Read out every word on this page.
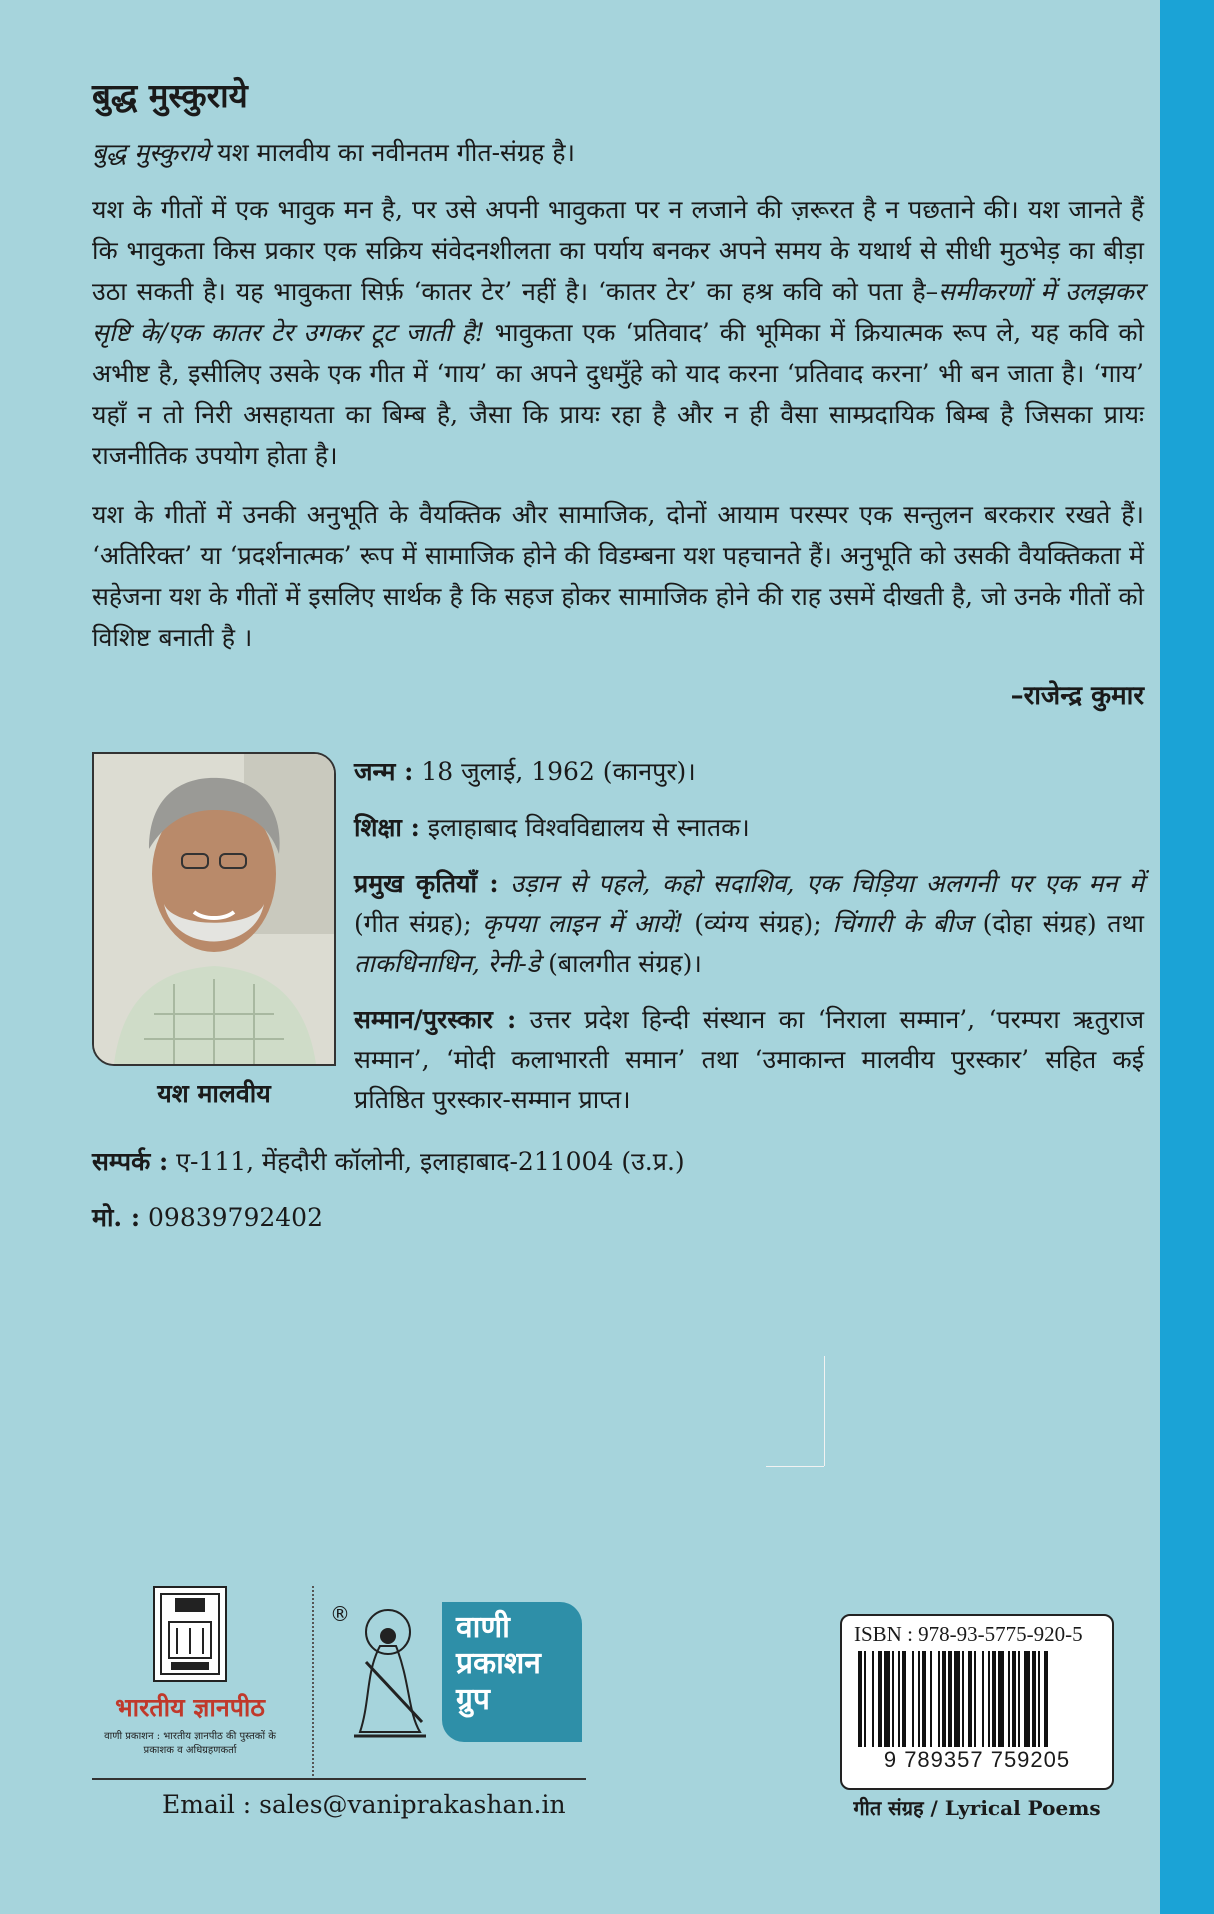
बुद्ध मुस्कुराये

बुद्ध मुस्कुराये यश मालवीय का नवीनतम गीत-संग्रह है।

यश के गीतों में एक भावुक मन है, पर उसे अपनी भावुकता पर न लजाने की ज़रूरत है न पछताने की। यश जानते हैं कि भावुकता किस प्रकार एक सक्रिय संवेदनशीलता का पर्याय बनकर अपने समय के यथार्थ से सीधी मुठभेड़ का बीड़ा उठा सकती है। यह भावुकता सिर्फ़ ‘कातर टेर’ नहीं है। ‘कातर टेर’ का हश्र कवि को पता है–समीकरणों में उलझकर सृष्टि के/एक कातर टेर उगकर टूट जाती है! भावुकता एक ‘प्रतिवाद’ की भूमिका में क्रियात्मक रूप ले, यह कवि को अभीष्ट है, इसीलिए उसके एक गीत में ‘गाय’ का अपने दुधमुँहे को याद करना ‘प्रतिवाद करना’ भी बन जाता है। ‘गाय’ यहाँ न तो निरी असहायता का बिम्ब है, जैसा कि प्रायः रहा है और न ही वैसा साम्प्रदायिक बिम्ब है जिसका प्रायः राजनीतिक उपयोग होता है।

यश के गीतों में उनकी अनुभूति के वैयक्तिक और सामाजिक, दोनों आयाम परस्पर एक सन्तुलन बरकरार रखते हैं। ‘अतिरिक्त’ या ‘प्रदर्शनात्मक’ रूप में सामाजिक होने की विडम्बना यश पहचानते हैं। अनुभूति को उसकी वैयक्तिकता में सहेजना यश के गीतों में इसलिए सार्थक है कि सहज होकर सामाजिक होने की राह उसमें दीखती है, जो उनके गीतों को विशिष्ट बनाती है ।

–राजेन्द्र कुमार

यश मालवीय

जन्म : 18 जुलाई, 1962 (कानपुर)।

शिक्षा : इलाहाबाद विश्वविद्यालय से स्नातक।

प्रमुख कृतियाँ : उड़ान से पहले, कहो सदाशिव, एक चिड़िया अलगनी पर एक मन में (गीत संग्रह); कृपया लाइन में आयें! (व्यंग्य संग्रह); चिंगारी के बीज (दोहा संग्रह) तथा ताकधिनाधिन, रेनी-डे (बालगीत संग्रह)।

सम्मान/पुरस्कार : उत्तर प्रदेश हिन्दी संस्थान का ‘निराला सम्मान’, ‘परम्परा ऋतुराज सम्मान’, ‘मोदी कलाभारती समान’ तथा ‘उमाकान्त मालवीय पुरस्कार’ सहित कई प्रतिष्ठित पुरस्कार-सम्मान प्राप्त।

सम्पर्क : ए-111, मेंहदौरी कॉलोनी, इलाहाबाद-211004 (उ.प्र.)

मो. : 09839792402

भारतीय ज्ञानपीठ
वाणी प्रकाशन : भारतीय ज्ञानपीठ की पुस्तकों के प्रकाशक व अधिग्रहणकर्ता
®	वाणी
प्रकाशन
ग्रुप
Email : sales@vaniprakashan.in
ISBN : 978-93-5775-920-5
9 789357 759205
गीत संग्रह / Lyrical Poems
